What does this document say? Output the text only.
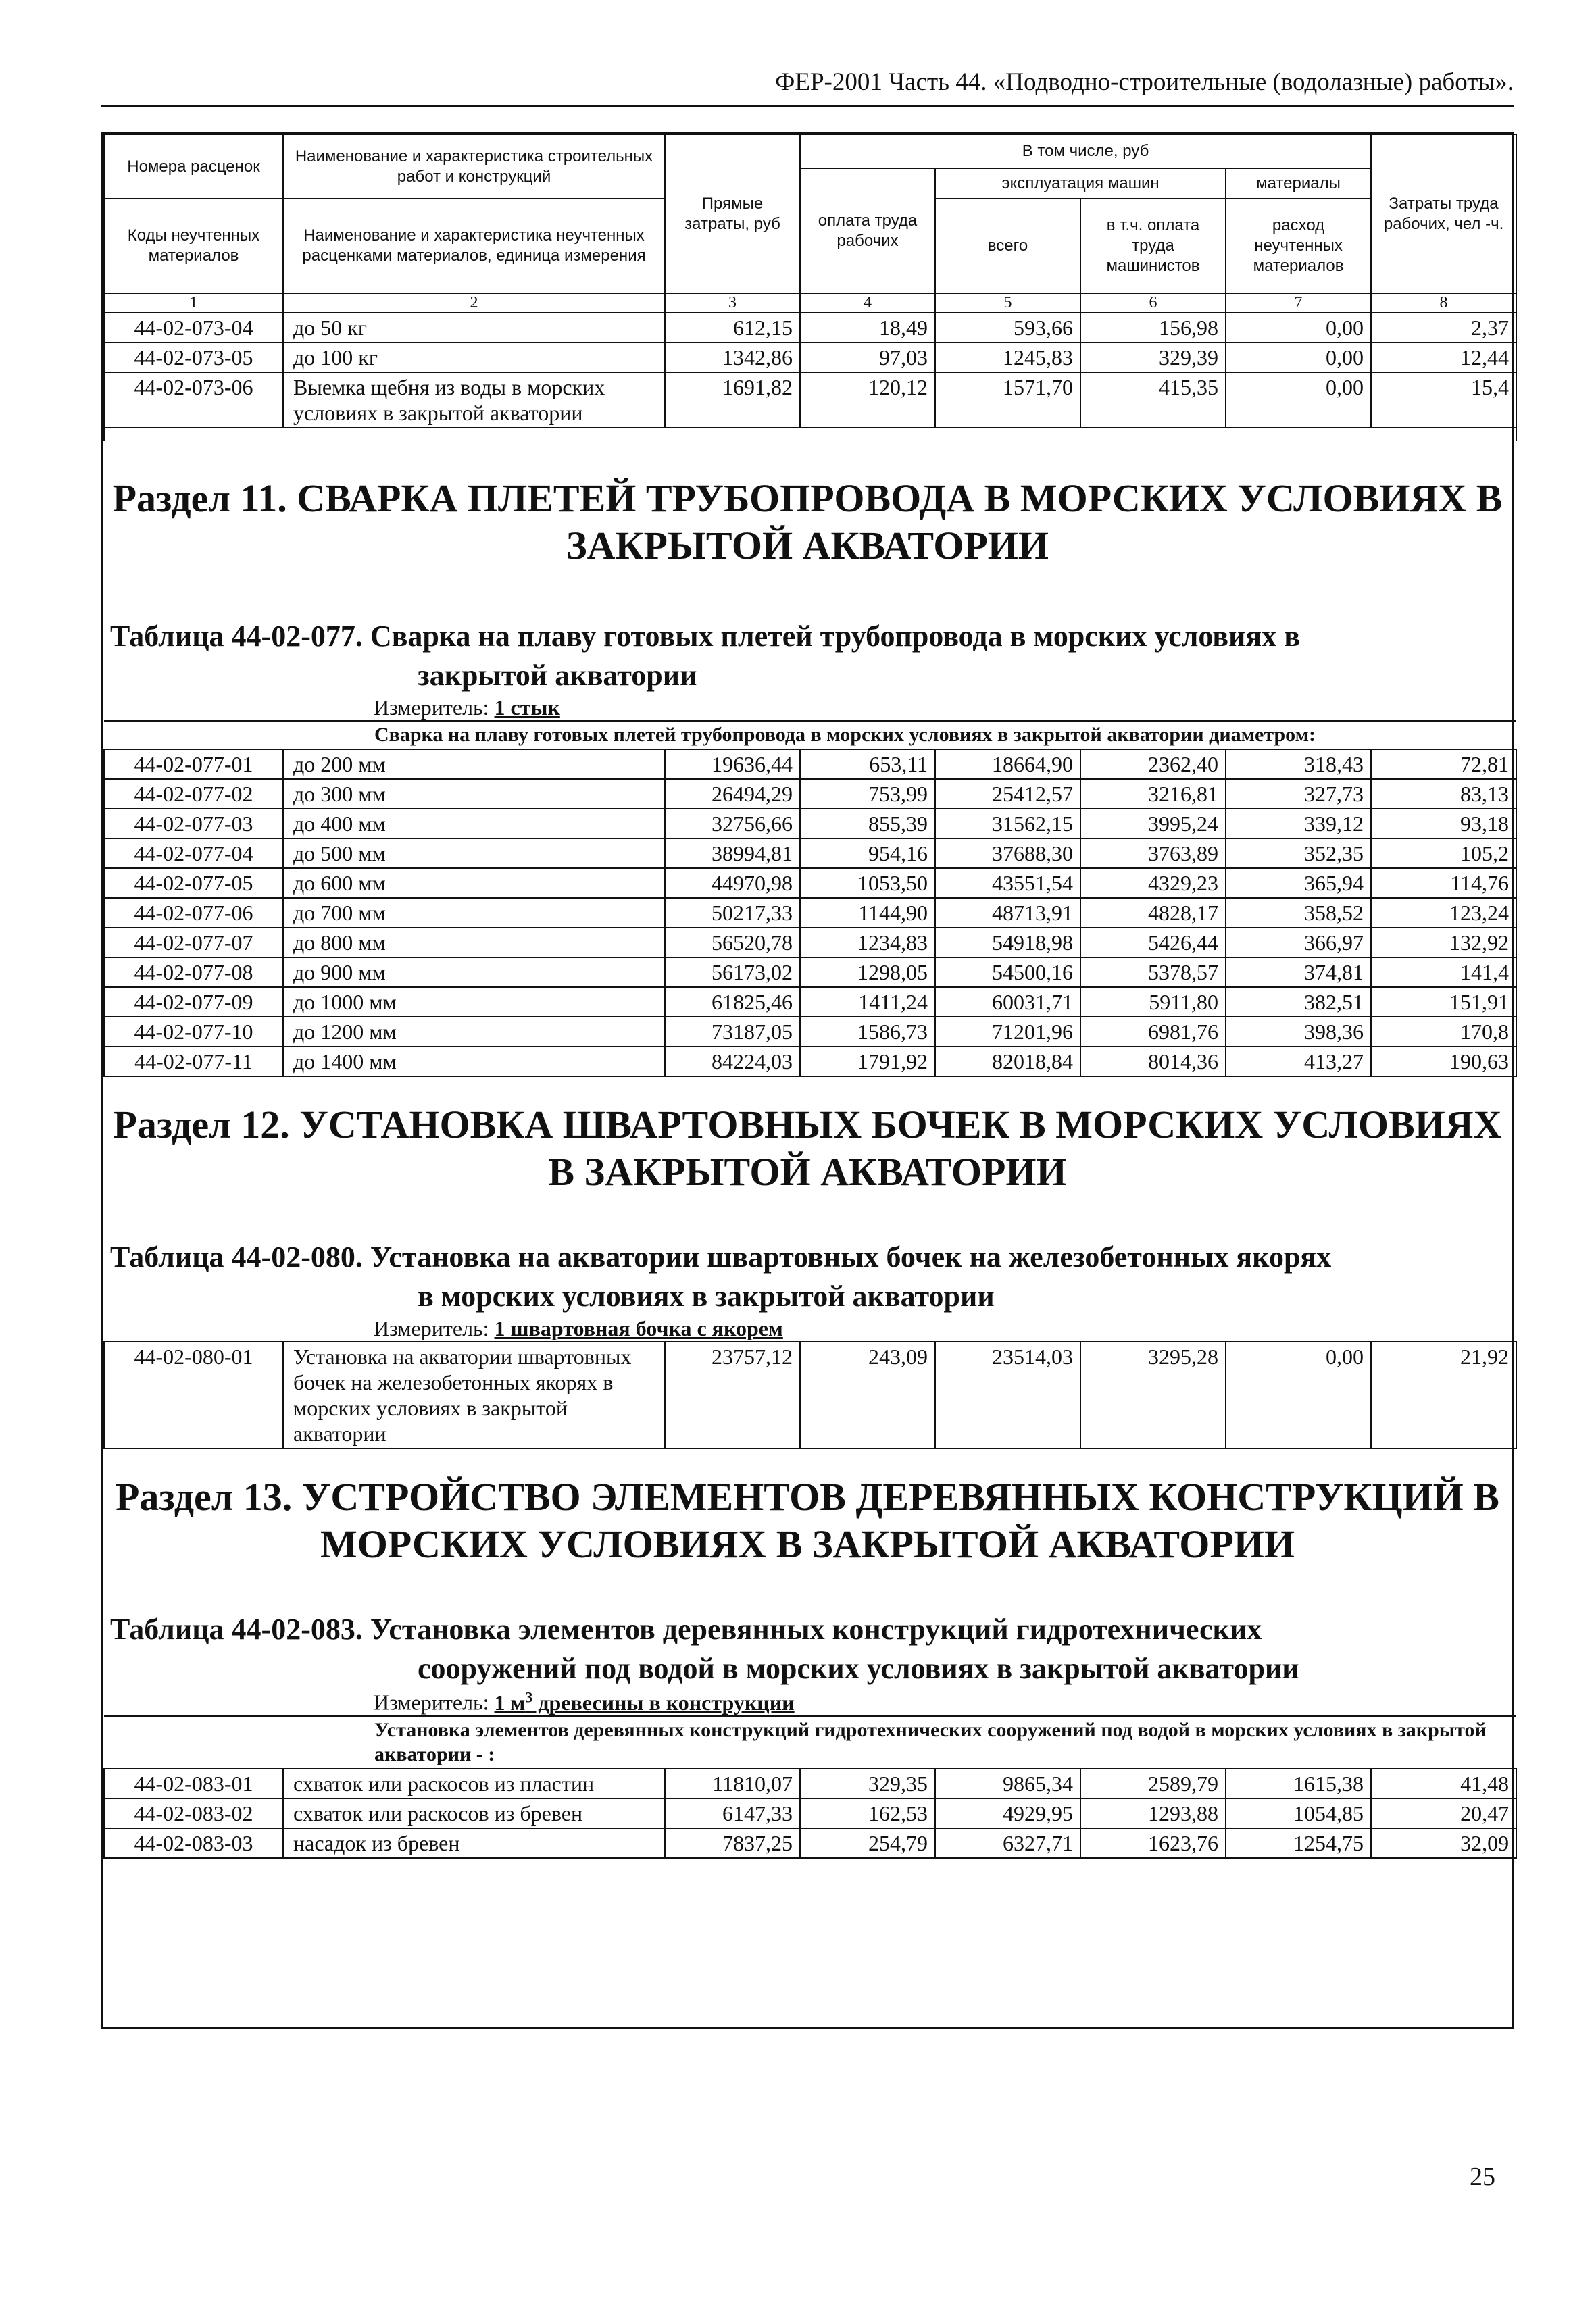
ФЕР-2001 Часть 44. «Подводно-строительные (водолазные) работы».
Номера расценок	Наименование и характеристика строительных работ и конструкций	Прямые затраты, руб	В том числе, руб				Затраты труда рабочих, чел -ч.
			оплата труда рабочих	эксплуатация машин		материалы	
Коды неучтенных материалов	Наименование и характеристика неучтенных расценками материалов, единица измерения			всего	в т.ч. оплата труда машинистов	расход неучтенных материалов	

1	2	3	4	5	6	7	8
44-02-073-04	до 50 кг	612,15	18,49	593,66	156,98	0,00	2,37
44-02-073-05	до 100 кг	1342,86	97,03	1245,83	329,39	0,00	12,44
44-02-073-06	Выемка щебня из воды в морских условиях в закрытой акватории	1691,82	120,12	1571,70	415,35	0,00	15,4

Раздел 11. СВАРКА ПЛЕТЕЙ ТРУБОПРОВОДА В МОРСКИХ УСЛОВИЯХ В ЗАКРЫТОЙ АКВАТОРИИ
Таблица 44-02-077. Сварка на плаву готовых плетей трубопровода в морских условиях в
закрытой акватории
Измеритель: 1 стык
Сварка на плаву готовых плетей трубопровода в морских условиях в закрытой акватории диаметром:							
44-02-077-01	до 200 мм	19636,44	653,11	18664,90	2362,40	318,43	72,81
44-02-077-02	до 300 мм	26494,29	753,99	25412,57	3216,81	327,73	83,13
44-02-077-03	до 400 мм	32756,66	855,39	31562,15	3995,24	339,12	93,18
44-02-077-04	до 500 мм	38994,81	954,16	37688,30	3763,89	352,35	105,2
44-02-077-05	до 600 мм	44970,98	1053,50	43551,54	4329,23	365,94	114,76
44-02-077-06	до 700 мм	50217,33	1144,90	48713,91	4828,17	358,52	123,24
44-02-077-07	до 800 мм	56520,78	1234,83	54918,98	5426,44	366,97	132,92
44-02-077-08	до 900 мм	56173,02	1298,05	54500,16	5378,57	374,81	141,4
44-02-077-09	до 1000 мм	61825,46	1411,24	60031,71	5911,80	382,51	151,91
44-02-077-10	до 1200 мм	73187,05	1586,73	71201,96	6981,76	398,36	170,8
44-02-077-11	до 1400 мм	84224,03	1791,92	82018,84	8014,36	413,27	190,63
Раздел 12. УСТАНОВКА ШВАРТОВНЫХ БОЧЕК В МОРСКИХ УСЛОВИЯХ В ЗАКРЫТОЙ АКВАТОРИИ
Таблица 44-02-080. Установка на акватории швартовных бочек на железобетонных якорях
в морских условиях в закрытой акватории
Измеритель: 1 швартовная бочка с якорем
44-02-080-01	Установка на акватории швартовных бочек на железобетонных якорях в морских условиях в закрытой акватории	23757,12	243,09	23514,03	3295,28	0,00	21,92
Раздел 13. УСТРОЙСТВО ЭЛЕМЕНТОВ ДЕРЕВЯННЫХ КОНСТРУКЦИЙ В МОРСКИХ УСЛОВИЯХ В ЗАКРЫТОЙ АКВАТОРИИ
Таблица 44-02-083. Установка элементов деревянных конструкций гидротехнических
сооружений под водой в морских условиях в закрытой акватории
Измеритель: 1 $м^3$ древесины в конструкции
Установка элементов деревянных конструкций гидротехнических сооружений под водой в морских условиях в закрытой акватории - :							
44-02-083-01	схваток или раскосов из пластин	11810,07	329,35	9865,34	2589,79	1615,38	41,48
44-02-083-02	схваток или раскосов из бревен	6147,33	162,53	4929,95	1293,88	1054,85	20,47
44-02-083-03	насадок из бревен	7837,25	254,79	6327,71	1623,76	1254,75	32,09
25
